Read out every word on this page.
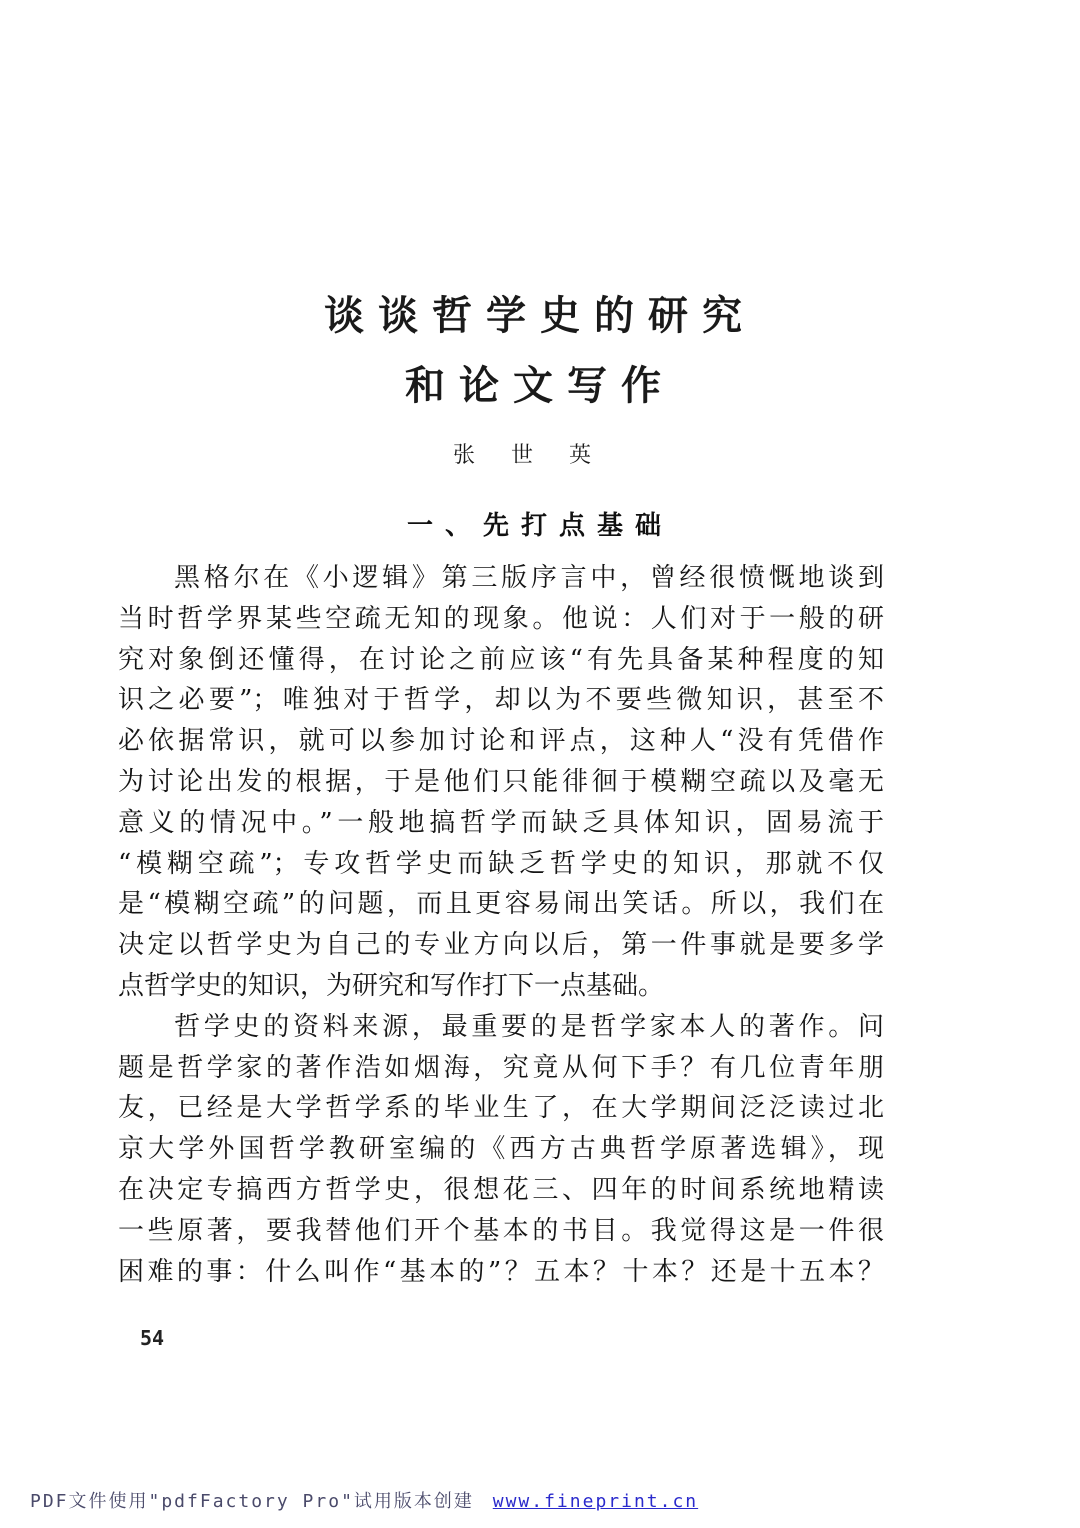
谈谈哲学史的研究
和论文写作
张世英
一、先打点基础
黑格尔在《小逻辑》第三版序言中，曾经很愤慨地谈到
当时哲学界某些空疏无知的现象。他说：人们对于一般的研
究对象倒还懂得，在讨论之前应该“有先具备某种程度的知
识之必要”；唯独对于哲学，却以为不要些微知识，甚至不
必依据常识，就可以参加讨论和评点，这种人“没有凭借作
为讨论出发的根据，于是他们只能徘徊于模糊空疏以及毫无
意义的情况中。”一般地搞哲学而缺乏具体知识，固易流于
“模糊空疏”；专攻哲学史而缺乏哲学史的知识，那就不仅
是“模糊空疏”的问题，而且更容易闹出笑话。所以，我们在
决定以哲学史为自己的专业方向以后，第一件事就是要多学
点哲学史的知识，为研究和写作打下一点基础。
哲学史的资料来源，最重要的是哲学家本人的著作。问
题是哲学家的著作浩如烟海，究竟从何下手？有几位青年朋
友，已经是大学哲学系的毕业生了，在大学期间泛泛读过北
京大学外国哲学教研室编的《西方古典哲学原著选辑》，现
在决定专搞西方哲学史，很想花三、四年的时间系统地精读
一些原著，要我替他们开个基本的书目。我觉得这是一件很
困难的事：什么叫作“基本的”？五本？十本？还是十五本？
54
PDF文件使用"pdfFactory Pro"试用版本创建 www.fineprint.cn
